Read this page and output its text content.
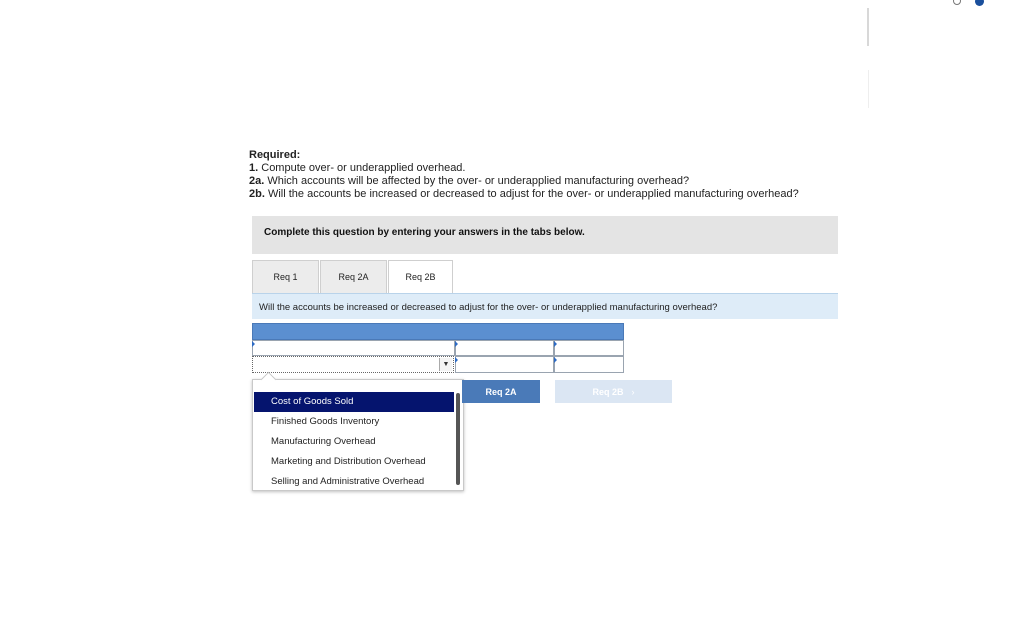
Required:
1. Compute over- or underapplied overhead.
2a. Which accounts will be affected by the over- or underapplied manufacturing overhead?
2b. Will the accounts be increased or decreased to adjust for the over- or underapplied manufacturing overhead?
Complete this question by entering your answers in the tabs below.
Req 1	Req 2A	Req 2B
Will the accounts be increased or decreased to adjust for the over- or underapplied manufacturing overhead?
▼
Cost of Goods Sold
Finished Goods Inventory
Manufacturing Overhead
Marketing and Distribution Overhead
Selling and Administrative Overhead
Req 2A	Req 2B ›
